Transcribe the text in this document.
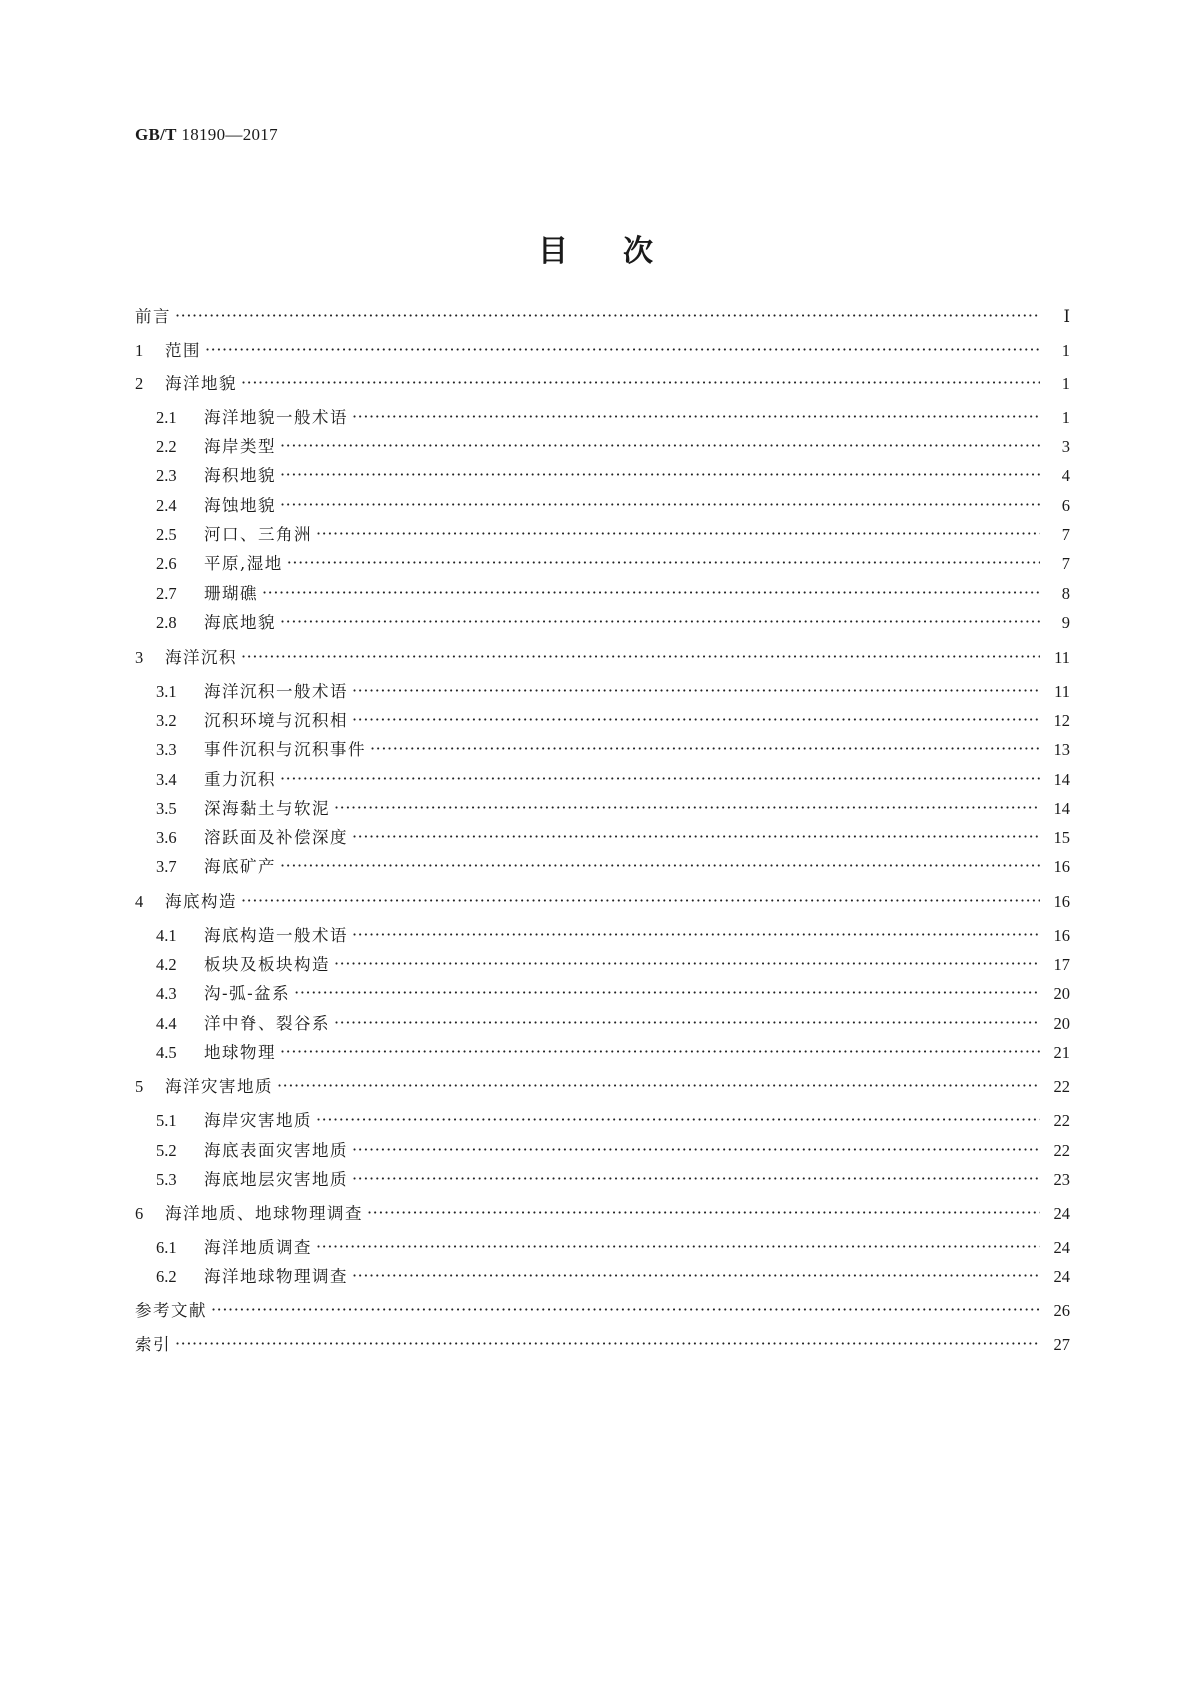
GB/T 18190—2017
目 次
前言 ·····	Ⅰ
1	范围 ·····	1
2	海洋地貌 ·····	1
2.1	海洋地貌一般术语 ·····	1
2.2	海岸类型 ·····	3
2.3	海积地貌 ·····	4
2.4	海蚀地貌 ·····	6
2.5	河口、三角洲 ·····	7
2.6	平原,湿地 ·····	7
2.7	珊瑚礁 ·····	8
2.8	海底地貌 ·····	9
3	海洋沉积 ·····	11
3.1	海洋沉积一般术语 ·····	11
3.2	沉积环境与沉积相 ·····	12
3.3	事件沉积与沉积事件 ·····	13
3.4	重力沉积 ·····	14
3.5	深海黏土与软泥 ·····	14
3.6	溶跃面及补偿深度 ·····	15
3.7	海底矿产 ·····	16
4	海底构造 ·····	16
4.1	海底构造一般术语 ·····	16
4.2	板块及板块构造 ·····	17
4.3	沟-弧-盆系 ·····	20
4.4	洋中脊、裂谷系 ·····	20
4.5	地球物理 ·····	21
5	海洋灾害地质 ·····	22
5.1	海岸灾害地质 ·····	22
5.2	海底表面灾害地质 ·····	22
5.3	海底地层灾害地质 ·····	23
6	海洋地质、地球物理调查 ·····	24
6.1	海洋地质调查 ·····	24
6.2	海洋地球物理调查 ·····	24
参考文献 ·····	26
索引 ·····	27
